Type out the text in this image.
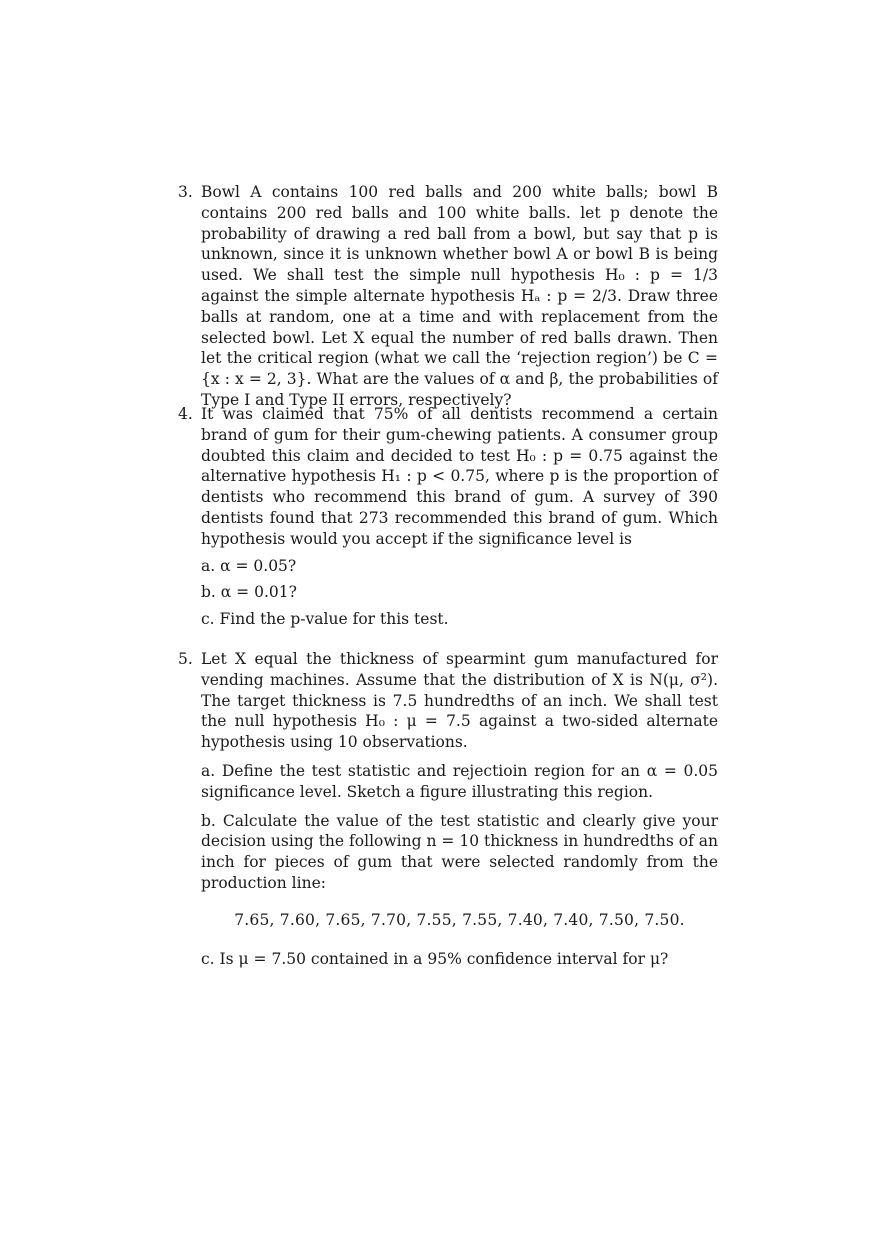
3. Bowl A contains 100 red balls and 200 white balls; bowl B contains 200 red balls and 100 white balls. let p denote the probability of drawing a red ball from a bowl, but say that p is unknown, since it is unknown whether bowl A or bowl B is being used. We shall test the simple null hypothesis H₀ : p = 1/3 against the simple alternate hypothesis Hₐ : p = 2/3. Draw three balls at random, one at a time and with replacement from the selected bowl. Let X equal the number of red balls drawn. Then let the critical region (what we call the ‘rejection region’) be C = {x : x = 2, 3}. What are the values of α and β, the probabilities of Type I and Type II errors, respectively?
4. It was claimed that 75% of all dentists recommend a certain brand of gum for their gum-chewing patients. A consumer group doubted this claim and decided to test H₀ : p = 0.75 against the alternative hypothesis H₁ : p < 0.75, where p is the proportion of dentists who recommend this brand of gum. A survey of 390 dentists found that 273 recommended this brand of gum. Which hypothesis would you accept if the significance level is
a. α = 0.05?
b. α = 0.01?
c. Find the p-value for this test.
5. Let X equal the thickness of spearmint gum manufactured for vending machines. Assume that the distribution of X is N(μ, σ²). The target thickness is 7.5 hundredths of an inch. We shall test the null hypothesis H₀ : μ = 7.5 against a two-sided alternate hypothesis using 10 observations.
a. Define the test statistic and rejectioin region for an α = 0.05 significance level. Sketch a figure illustrating this region.
b. Calculate the value of the test statistic and clearly give your decision using the following n = 10 thickness in hundredths of an inch for pieces of gum that were selected randomly from the production line:
7.65, 7.60, 7.65, 7.70, 7.55, 7.55, 7.40, 7.40, 7.50, 7.50.
c. Is μ = 7.50 contained in a 95% confidence interval for μ?
